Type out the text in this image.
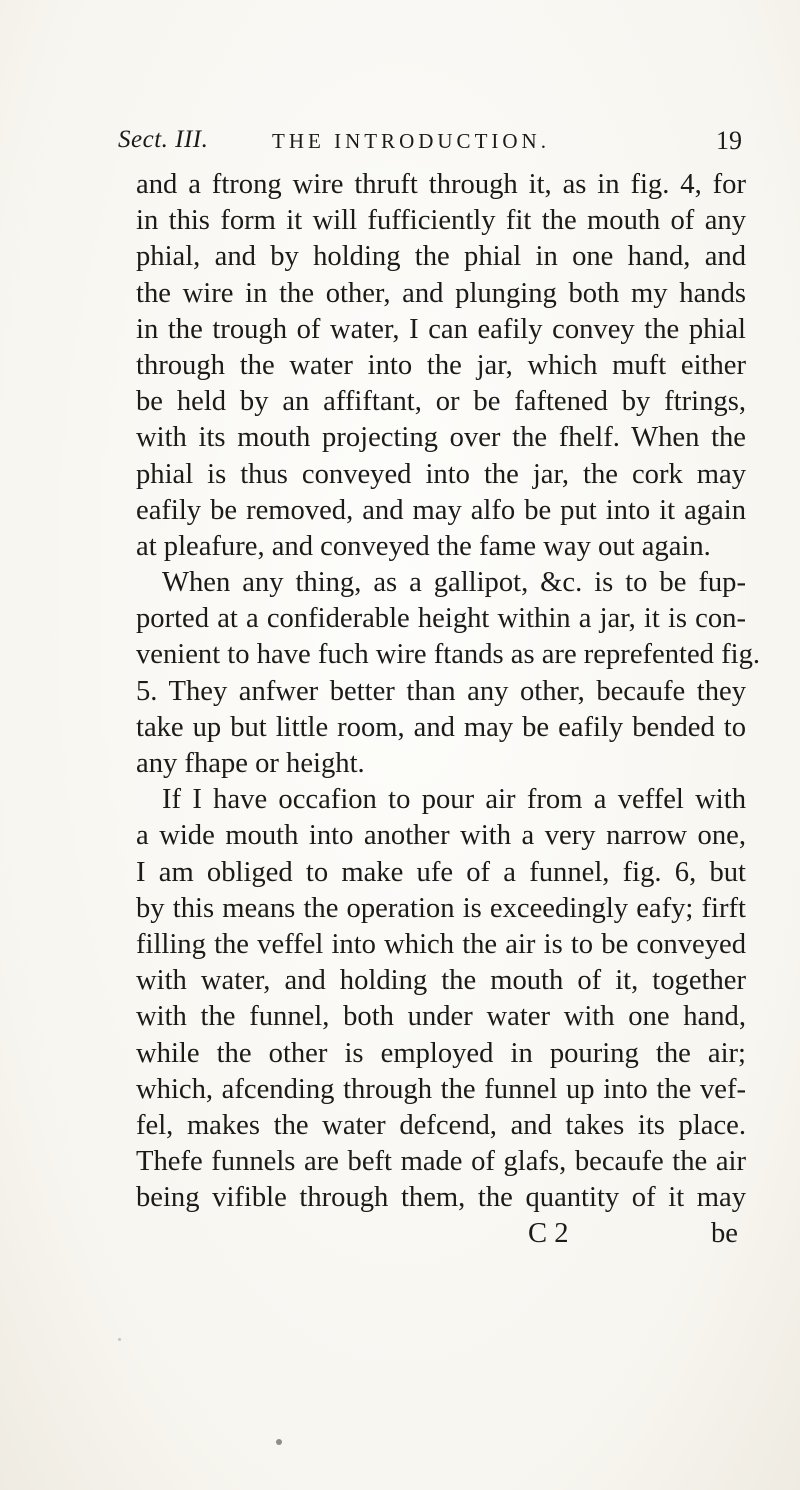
Sect. III.	THE INTRODUCTION.	19
and a ftrong wire thruft through it, as in fig. 4, for
in this form it will fufficiently fit the mouth of any
phial, and by holding the phial in one hand, and
the wire in the other, and plunging both my hands
in the trough of water, I can eafily convey the phial
through the water into the jar, which muft either
be held by an affiftant, or be faftened by ftrings,
with its mouth projecting over the fhelf. When the
phial is thus conveyed into the jar, the cork may
eafily be removed, and may alfo be put into it again
at pleafure, and conveyed the fame way out again.
When any thing, as a gallipot, &c. is to be fup-
ported at a confiderable height within a jar, it is con-
venient to have fuch wire ftands as are reprefented fig.
5. They anfwer better than any other, becaufe they
take up but little room, and may be eafily bended to
any fhape or height.
If I have occafion to pour air from a veffel with
a wide mouth into another with a very narrow one,
I am obliged to make ufe of a funnel, fig. 6, but
by this means the operation is exceedingly eafy; firft
filling the veffel into which the air is to be conveyed
with water, and holding the mouth of it, together
with the funnel, both under water with one hand,
while the other is employed in pouring the air;
which, afcending through the funnel up into the vef-
fel, makes the water defcend, and takes its place.
Thefe funnels are beft made of glafs, becaufe the air
being vifible through them, the quantity of it may
C 2	be
